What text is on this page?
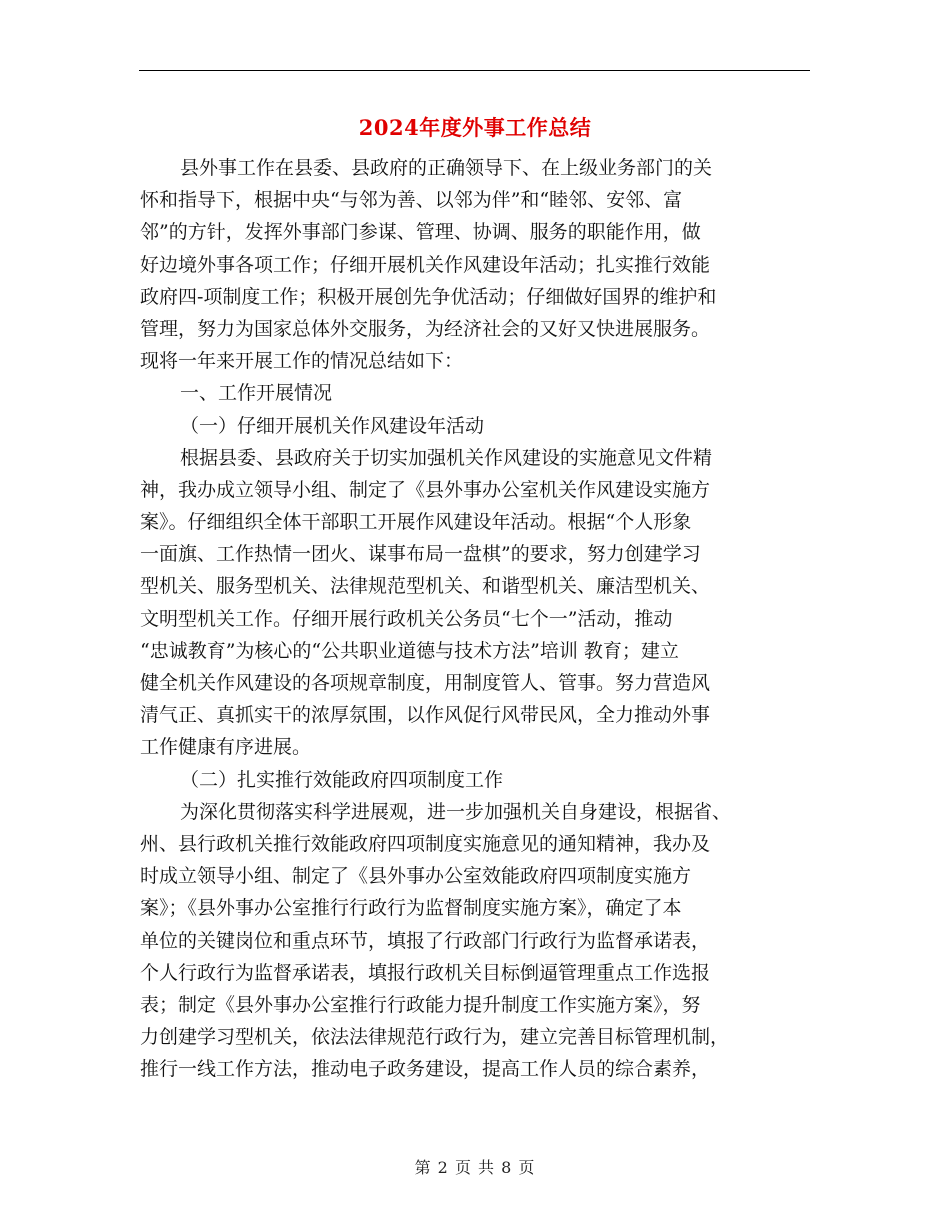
2024年度外事工作总结
县外事工作在县委、县政府的正确领导下、在上级业务部门的关
怀和指导下，根据中央“与邻为善、以邻为伴”和“睦邻、安邻、富
邻”的方针，发挥外事部门参谋、管理、协调、服务的职能作用，做
好边境外事各项工作；仔细开展机关作风建设年活动；扎实推行效能
政府四-项制度工作；积极开展创先争优活动；仔细做好国界的维护和
管理，努力为国家总体外交服务，为经济社会的又好又快进展服务。
现将一年来开展工作的情况总结如下：
一、工作开展情况
（一）仔细开展机关作风建设年活动
根据县委、县政府关于切实加强机关作风建设的实施意见文件精
神，我办成立领导小组、制定了《县外事办公室机关作风建设实施方
案》。仔细组织全体干部职工开展作风建设年活动。根据“个人形象
一面旗、工作热情一团火、谋事布局一盘棋”的要求，努力创建学习
型机关、服务型机关、法律规范型机关、和谐型机关、廉洁型机关、
文明型机关工作。仔细开展行政机关公务员“七个一”活动，推动
“忠诚教育”为核心的“公共职业道德与技术方法”培训 教育；建立
健全机关作风建设的各项规章制度，用制度管人、管事。努力营造风
清气正、真抓实干的浓厚氛围，以作风促行风带民风，全力推动外事
工作健康有序进展。
（二）扎实推行效能政府四项制度工作
为深化贯彻落实科学进展观，进一步加强机关自身建设，根据省、
州、县行政机关推行效能政府四项制度实施意见的通知精神，我办及
时成立领导小组、制定了《县外事办公室效能政府四项制度实施方
案》；《县外事办公室推行行政行为监督制度实施方案》，确定了本
单位的关键岗位和重点环节，填报了行政部门行政行为监督承诺表，
个人行政行为监督承诺表，填报行政机关目标倒逼管理重点工作选报
表；制定《县外事办公室推行行政能力提升制度工作实施方案》，努
力创建学习型机关，依法法律规范行政行为，建立完善目标管理机制，
推行一线工作方法，推动电子政务建设，提高工作人员的综合素养，
第 2 页 共 8 页
